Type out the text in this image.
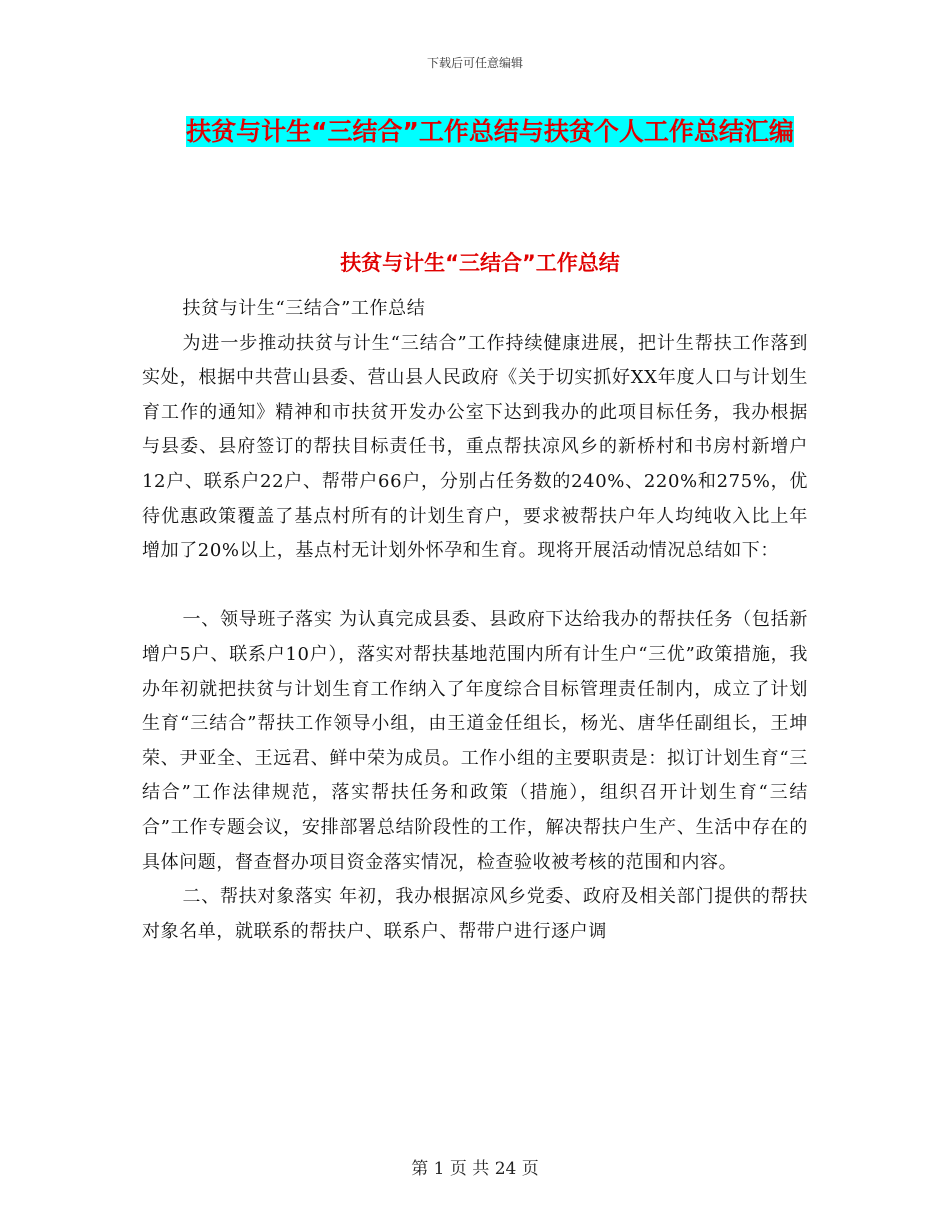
下载后可任意编辑
扶贫与计生“三结合”工作总结与扶贫个人工作总结汇编
扶贫与计生“三结合”工作总结

扶贫与计生“三结合”工作总结

为进一步推动扶贫与计生“三结合”工作持续健康进展，把计生帮扶工作落到实处，根据中共营山县委、营山县人民政府《关于切实抓好XX年度人口与计划生育工作的通知》精神和市扶贫开发办公室下达到我办的此项目标任务，我办根据与县委、县府签订的帮扶目标责任书，重点帮扶凉风乡的新桥村和书房村新增户12户、联系户22户、帮带户66户，分别占任务数的240%、220%和275%，优待优惠政策覆盖了基点村所有的计划生育户，要求被帮扶户年人均纯收入比上年增加了20%以上，基点村无计划外怀孕和生育。现将开展活动情况总结如下：

一、领导班子落实 为认真完成县委、县政府下达给我办的帮扶任务（包括新增户5户、联系户10户），落实对帮扶基地范围内所有计生户“三优”政策措施，我办年初就把扶贫与计划生育工作纳入了年度综合目标管理责任制内，成立了计划生育“三结合”帮扶工作领导小组，由王道金任组长，杨光、唐华任副组长，王坤荣、尹亚全、王远君、鲜中荣为成员。工作小组的主要职责是：拟订计划生育“三结合”工作法律规范，落实帮扶任务和政策（措施），组织召开计划生育“三结合”工作专题会议，安排部署总结阶段性的工作，解决帮扶户生产、生活中存在的具体问题，督查督办项目资金落实情况，检查验收被考核的范围和内容。

二、帮扶对象落实 年初，我办根据凉风乡党委、政府及相关部门提供的帮扶对象名单，就联系的帮扶户、联系户、帮带户进行逐户调

第 1 页 共 24 页
